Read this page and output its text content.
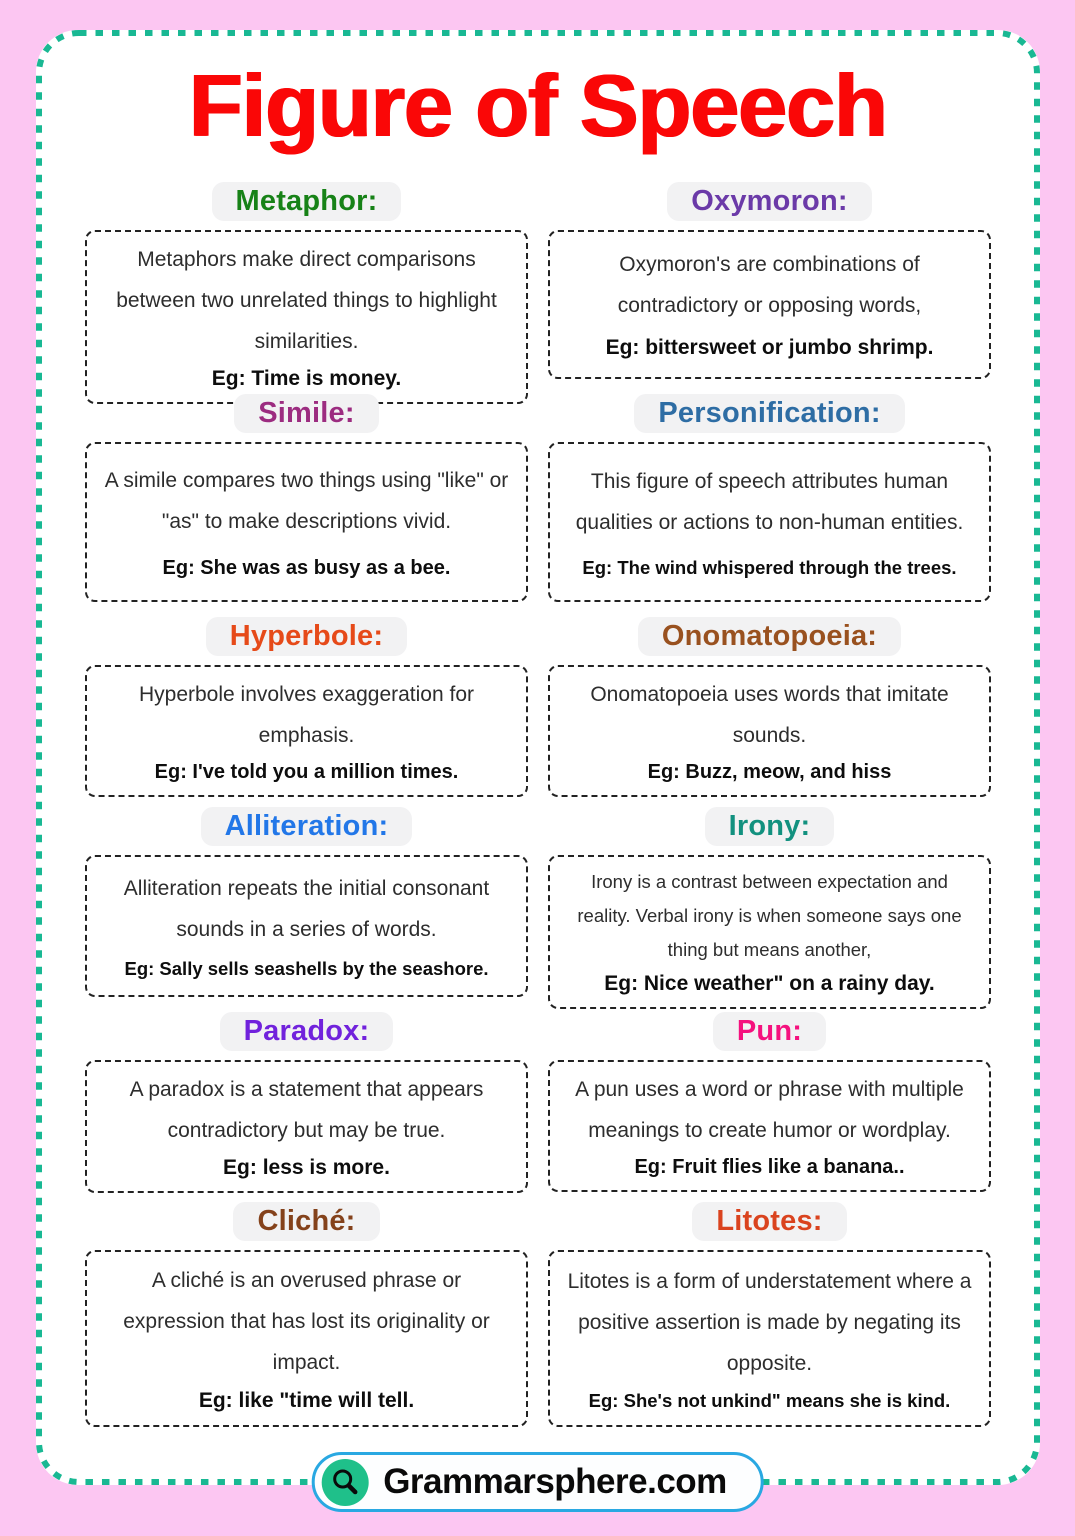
Figure of Speech
Metaphor:

Metaphors make direct comparisons between two unrelated things to highlight similarities.

Eg: Time is money.

Oxymoron:

Oxymoron's are combinations of contradictory or opposing words,

Eg: bittersweet or jumbo shrimp.

Simile:

A simile compares two things using "like" or "as" to make descriptions vivid.

Eg: She was as busy as a bee.

Personification:

This figure of speech attributes human qualities or actions to non-human entities.

Eg: The wind whispered through the trees.

Hyperbole:

Hyperbole involves exaggeration for emphasis.

Eg: I've told you a million times.

Onomatopoeia:

Onomatopoeia uses words that imitate sounds.

Eg: Buzz, meow, and hiss

Alliteration:

Alliteration repeats the initial consonant sounds in a series of words.

Eg: Sally sells seashells by the seashore.

Irony:

Irony is a contrast between expectation and reality. Verbal irony is when someone says one thing but means another,

Eg: Nice weather" on a rainy day.

Paradox:

A paradox is a statement that appears contradictory but may be true.

Eg: less is more.

Pun:

A pun uses a word or phrase with multiple meanings to create humor or wordplay.

Eg: Fruit flies like a banana..

Cliché:

A cliché is an overused phrase or expression that has lost its originality or impact.

Eg: like "time will tell.

Litotes:

Litotes is a form of understatement where a positive assertion is made by negating its opposite.

Eg: She's not unkind" means she is kind.

Grammarsphere.com
